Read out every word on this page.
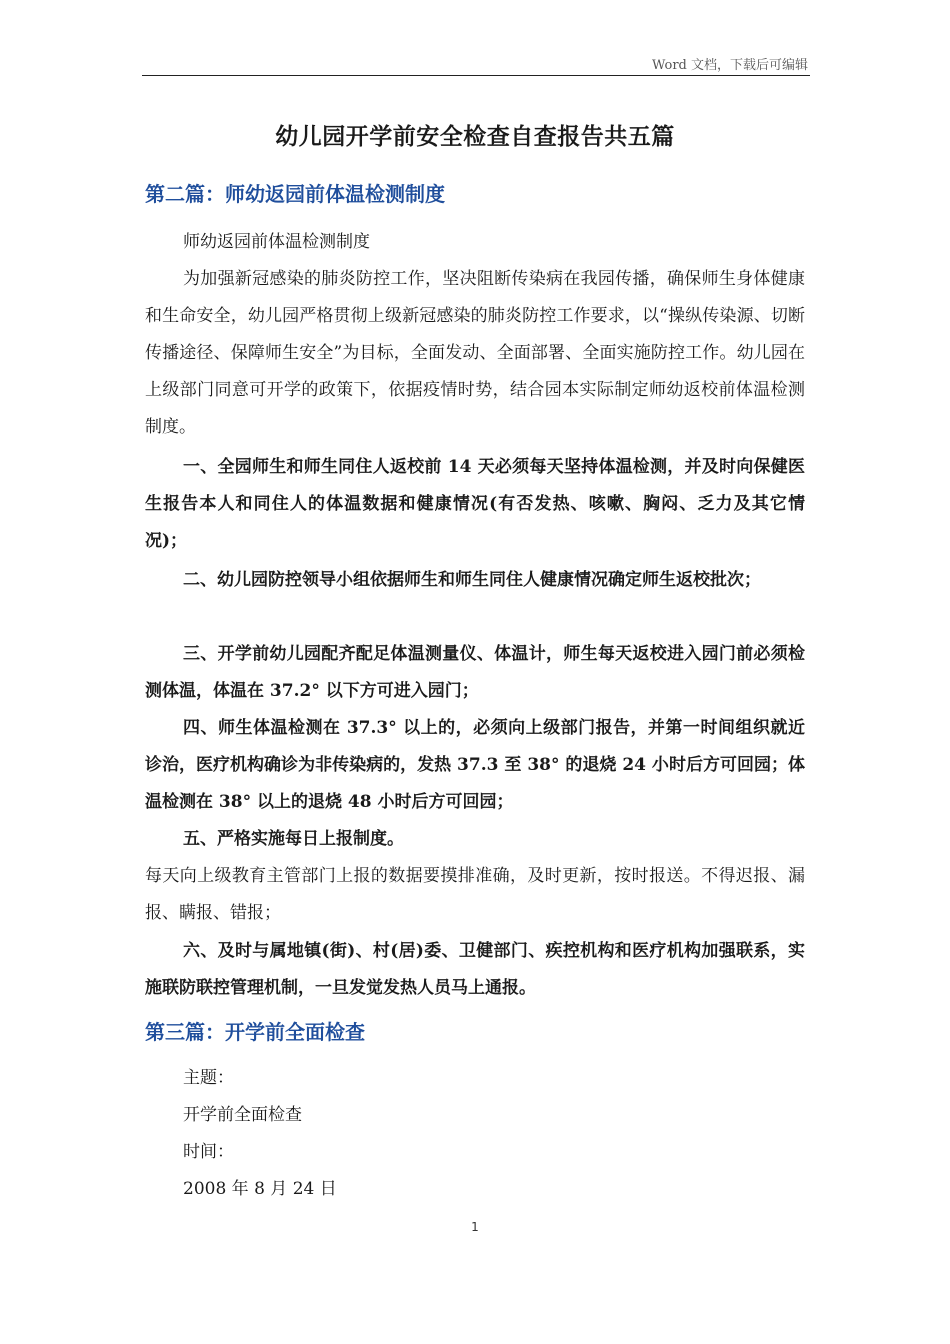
Word 文档，下载后可编辑
幼儿园开学前安全检查自查报告共五篇
第二篇：师幼返园前体温检测制度
师幼返园前体温检测制度
为加强新冠感染的肺炎防控工作，坚决阻断传染病在我园传播，确保师生身体健康和生命安全，幼儿园严格贯彻上级新冠感染的肺炎防控工作要求，以“操纵传染源、切断传播途径、保障师生安全”为目标，全面发动、全面部署、全面实施防控工作。幼儿园在上级部门同意可开学的政策下，依据疫情时势，结合园本实际制定师幼返校前体温检测制度。
一、全园师生和师生同住人返校前 14 天必须每天坚持体温检测，并及时向保健医生报告本人和同住人的体温数据和健康情况(有否发热、咳嗽、胸闷、乏力及其它情况)；
二、幼儿园防控领导小组依据师生和师生同住人健康情况确定师生返校批次；
三、开学前幼儿园配齐配足体温测量仪、体温计，师生每天返校进入园门前必须检测体温，体温在 37.2° 以下方可进入园门；
四、师生体温检测在 37.3° 以上的，必须向上级部门报告，并第一时间组织就近诊治，医疗机构确诊为非传染病的，发热 37.3 至 38° 的退烧 24 小时后方可回园；体温检测在 38° 以上的退烧 48 小时后方可回园；
五、严格实施每日上报制度。
每天向上级教育主管部门上报的数据要摸排准确，及时更新，按时报送。不得迟报、漏报、瞒报、错报；
六、及时与属地镇(街)、村(居)委、卫健部门、疾控机构和医疗机构加强联系，实施联防联控管理机制，一旦发觉发热人员马上通报。
第三篇：开学前全面检查
主题：
开学前全面检查
时间：
2008 年 8 月 24 日
1
